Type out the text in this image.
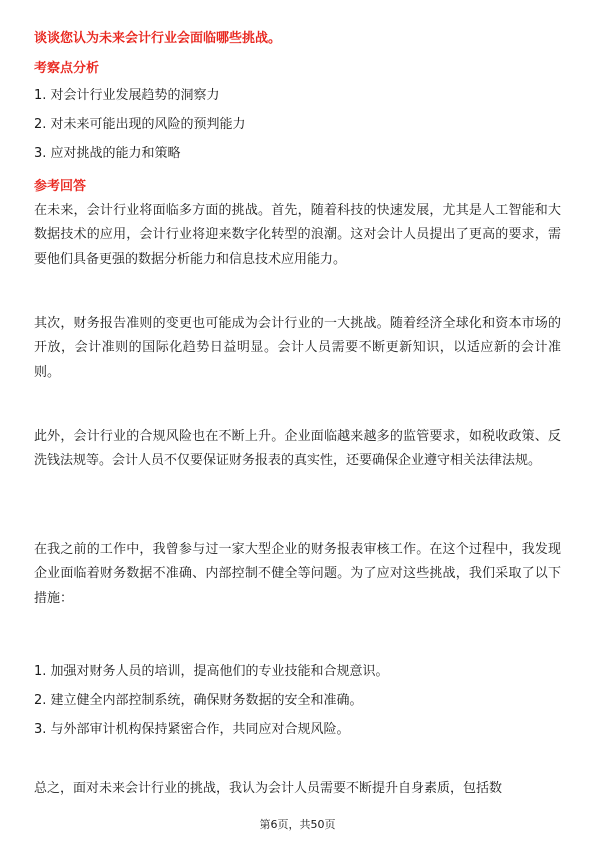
谈谈您认为未来会计行业会面临哪些挑战。
考察点分析
1. 对会计行业发展趋势的洞察力
2. 对未来可能出现的风险的预判能力
3. 应对挑战的能力和策略
参考回答
在未来，会计行业将面临多方面的挑战。首先，随着科技的快速发展，尤其是人工智能和大数据技术的应用，会计行业将迎来数字化转型的浪潮。这对会计人员提出了更高的要求，需要他们具备更强的数据分析能力和信息技术应用能力。
其次，财务报告准则的变更也可能成为会计行业的一大挑战。随着经济全球化和资本市场的开放，会计准则的国际化趋势日益明显。会计人员需要不断更新知识，以适应新的会计准则。
此外，会计行业的合规风险也在不断上升。企业面临越来越多的监管要求，如税收政策、反洗钱法规等。会计人员不仅要保证财务报表的真实性，还要确保企业遵守相关法律法规。
在我之前的工作中，我曾参与过一家大型企业的财务报表审核工作。在这个过程中，我发现企业面临着财务数据不准确、内部控制不健全等问题。为了应对这些挑战，我们采取了以下措施：
1. 加强对财务人员的培训，提高他们的专业技能和合规意识。
2. 建立健全内部控制系统，确保财务数据的安全和准确。
3. 与外部审计机构保持紧密合作，共同应对合规风险。
总之，面对未来会计行业的挑战，我认为会计人员需要不断提升自身素质，包括数
第6页，共50页
